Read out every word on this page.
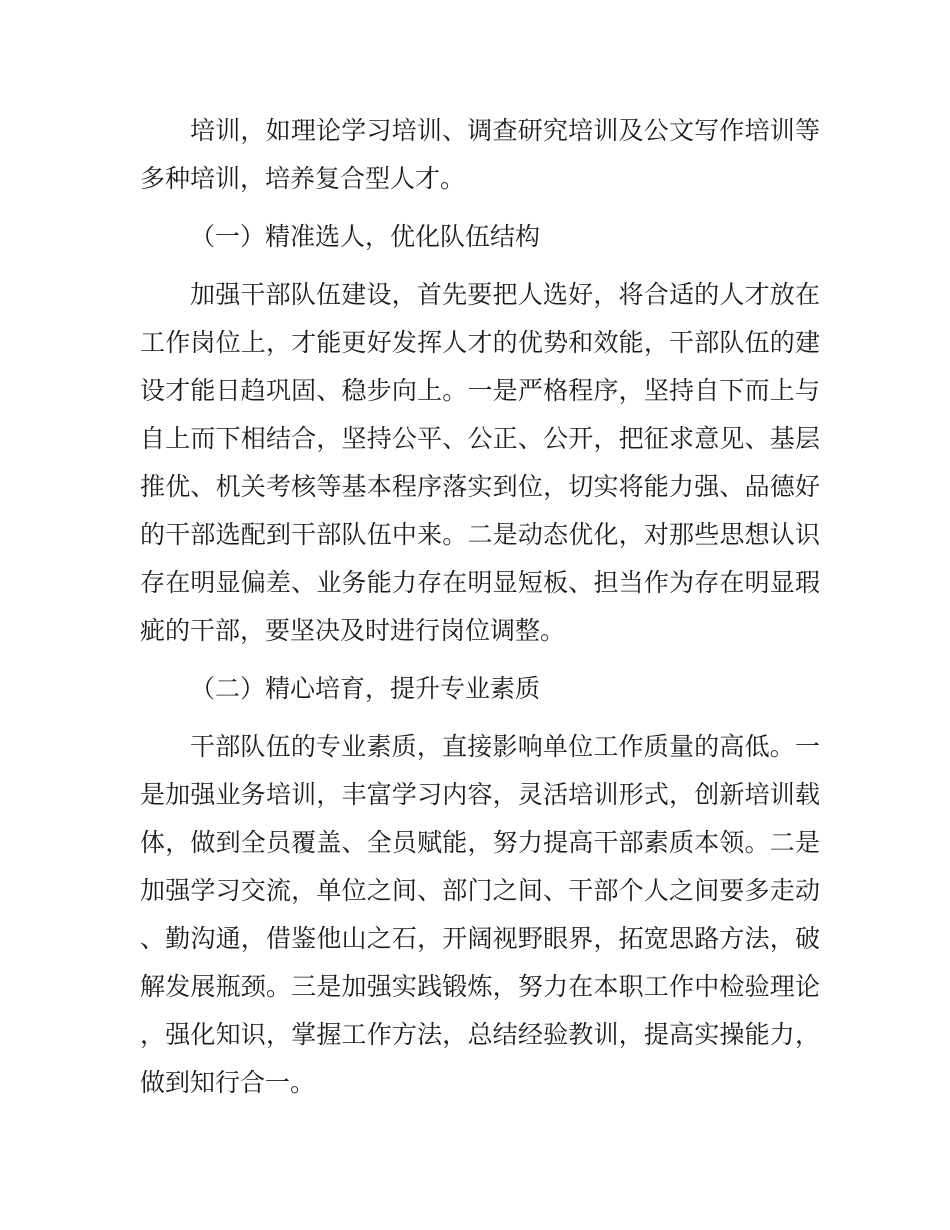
培训，如理论学习培训、调查研究培训及公文写作培训等多种培训，培养复合型人才。

（一）精准选人，优化队伍结构

加强干部队伍建设，首先要把人选好，将合适的人才放在工作岗位上，才能更好发挥人才的优势和效能，干部队伍的建设才能日趋巩固、稳步向上。一是严格程序，坚持自下而上与自上而下相结合，坚持公平、公正、公开，把征求意见、基层推优、机关考核等基本程序落实到位，切实将能力强、品德好的干部选配到干部队伍中来。二是动态优化，对那些思想认识存在明显偏差、业务能力存在明显短板、担当作为存在明显瑕疵的干部，要坚决及时进行岗位调整。

（二）精心培育，提升专业素质

干部队伍的专业素质，直接影响单位工作质量的高低。一是加强业务培训，丰富学习内容，灵活培训形式，创新培训载体，做到全员覆盖、全员赋能，努力提高干部素质本领。二是加强学习交流，单位之间、部门之间、干部个人之间要多走动、勤沟通，借鉴他山之石，开阔视野眼界，拓宽思路方法，破解发展瓶颈。三是加强实践锻炼，努力在本职工作中检验理论，强化知识，掌握工作方法，总结经验教训，提高实操能力，做到知行合一。
